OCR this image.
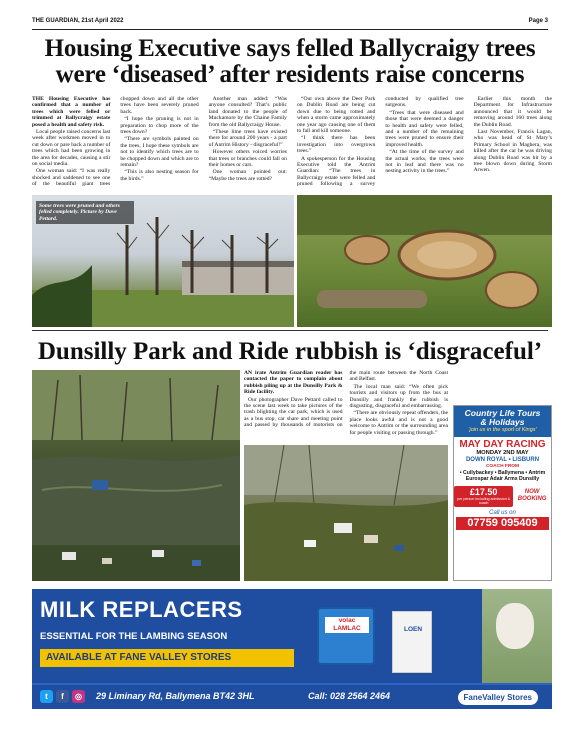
THE GUARDIAN, 21st April 2022	Page 3
Housing Executive says felled Ballycraigy trees were ‘diseased’ after residents raise concerns

THE Housing Executive has confirmed that a number of trees which were felled or trimmed at Ballycraigy estate posed a health and safety risk.

Local people raised concerns last week after workmen moved in to cut down or pare back a number of trees which had been growing in the area for decades, causing a stir on social media.

One woman said: “I was really shocked and saddened to see one of the beautiful giant trees chopped down and all the other trees have been severely pruned back.

“I hope the pruning is not in preparation to chop more of the trees down?

“There are symbols painted on the trees, I hope these symbols are not to identify which trees are to be chopped down and which are to remain?

“This is also nesting season for the birds.”

Another man added: “Was anyone consulted? That’s public land donated to the people of Muckamore by the Chaine Family from the old Ballycraigy House.

“These lime trees have existed there for around 200 years - a part of Antrim History - disgraceful!”

However others voiced worries that trees or branches could fall on their homes or cars.

One woman pointed out: “Maybe the trees are rotted?

“Our own above the Deer Park on Dublin Road are being cut down due to being rotted and when a storm came approximately one year ago causing one of them to fall and kill someone.

“I think there has been investigation into overgrown trees.”

A spokesperson for the Housing Executive told the Antrim Guardian: “The trees in Ballycraigy estate were felled and pruned following a survey conducted by qualified tree surgeons.

“Trees that were diseased and those that were deemed a danger to health and safety were felled, and a number of the remaining trees were pruned to ensure their improved health.

“At the time of the survey and the actual works, the trees were not in leaf and there was no nesting activity in the trees.”

Earlier this month the Department for Infrastructure announced that it would be removing around 160 trees along the Dublin Road.

Last November, Francis Lagan, who was head of St Mary’s Primary School in Maghera, was killed after the car he was driving along Dublin Road was hit by a tree blown down during Storm Arwen.

Some trees were pruned and others felled completely. Picture by Dave Pettard.
Dunsilly Park and Ride rubbish is ‘disgraceful’

AN irate Antrim Guardian reader has contacted the paper to complain about rubbish piling up at the Dunsilly Park & Ride facility.

Our photographer Dave Pettard called to the scene last week to take pictures of the trash blighting the car park, which is used as a bus stop, car share and meeting point and passed by thousands of motorists on the main route between the North Coast and Belfast.

The local man said: “We often pick tourists and visitors up from the bus at Dunsilly and frankly the rubbish is disgusting, disgraceful and embarrassing.

“There are obviously repeat offenders, the place looks awful and is not a good welcome to Antrim or the surrounding area for people visiting or passing through.”

Country Life Tours
& Holidays
‘join us in the sport of Kings’
MAY DAY RACING
MONDAY 2ND MAY
DOWN ROYAL • LISBURN
COACH FROM
• Cullybackey • Ballymena • Antrim
Eurospar Adair Arms Dunsilly
£17.50
per person including admission & coach
NOW BOOKING
Call us on
07759 095409
MILK REPLACERS
ESSENTIAL FOR THE LAMBING SEASON
AVAILABLE AT FANE VALLEY STORES
volac LAMLAC	LOEN
t	f	◎	29 Liminary Rd, Ballymena BT42 3HL	Call: 028 2564 2464	FaneValley Stores
